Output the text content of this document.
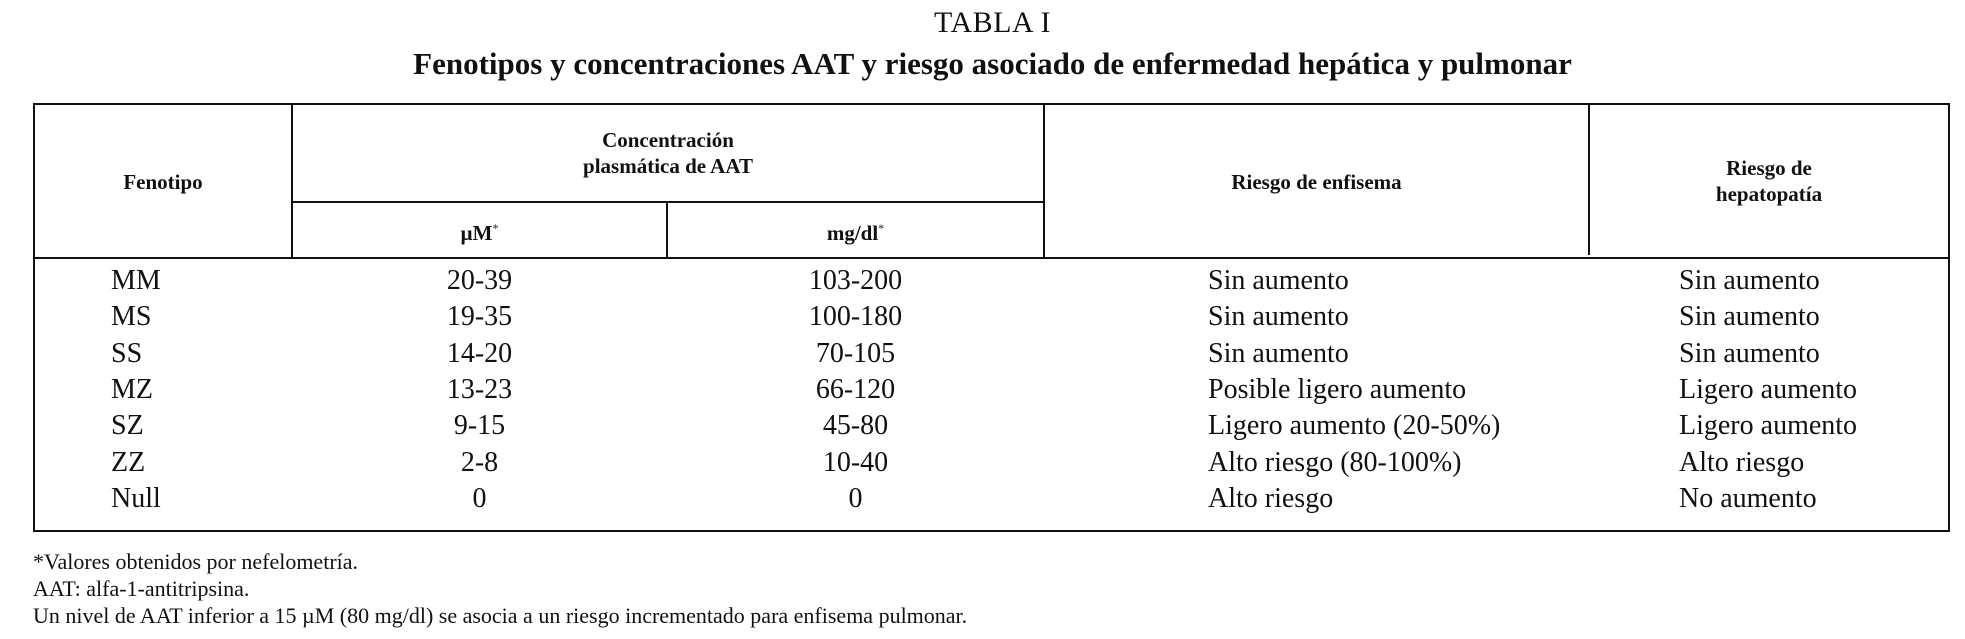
TABLA I
Fenotipos y concentraciones AAT y riesgo asociado de enfermedad hepática y pulmonar
Fenotipo
Concentración
plasmática de AAT
µM*	mg/dl*
Riesgo de enfisema
Riesgo de
hepatopatía
MM	20-39	103-200	Sin aumento	Sin aumento
MS	19-35	100-180	Sin aumento	Sin aumento
SS	14-20	70-105	Sin aumento	Sin aumento
MZ	13-23	66-120	Posible ligero aumento	Ligero aumento
SZ	9-15	45-80	Ligero aumento (20-50%)	Ligero aumento
ZZ	2-8	10-40	Alto riesgo (80-100%)	Alto riesgo
Null	0	0	Alto riesgo	No aumento
*Valores obtenidos por nefelometría.
AAT: alfa-1-antitripsina.
Un nivel de AAT inferior a 15 µM (80 mg/dl) se asocia a un riesgo incrementado para enfisema pulmonar.
